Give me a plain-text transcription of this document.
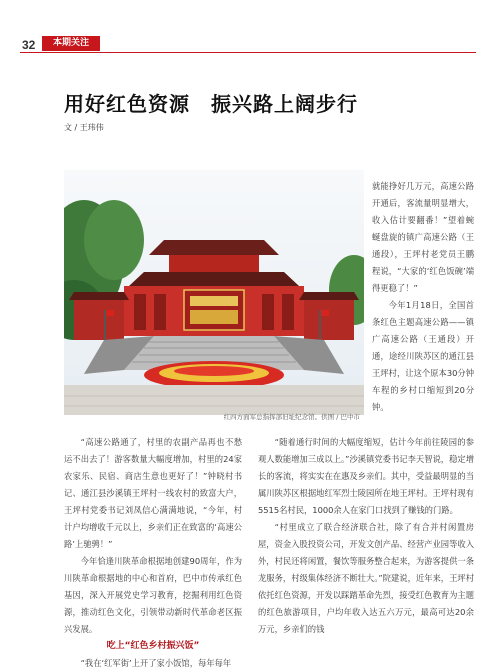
32	本期关注
用好红色资源　振兴路上阔步行
文 / 王玮伟

就能挣好几万元，高速公路开通后，客流量明显增大，收入估计要翻番！”望着蜿蜒盘旋的镇广高速公路（王通段），王坪村老党员王鹏程说，“大家的‘红色饭碗’端得更稳了！”

今年1月18日，全国首条红色主题高速公路——镇广高速公路（王通段）开通，途经川陕苏区的通江县王坪村，让这个原本30分钟车程的乡村口缩短到20分钟。

红四方面军总指挥部旧址纪念馆。供图 / 巴中市

“高速公路通了，村里的农副产品再也不愁运不出去了！游客数量大幅度增加，村里的24家农家乐、民宿、商店生意也更好了！”钟晓村书记、通江县沙溪镇王坪村一线农村的致富大户，王坪村党委书记刘凤信心满满地说，“今年，村计户均增收千元以上，乡亲们正在致富的‘高速公路’上驰骋！”

今年恰逢川陕革命根据地创建90周年，作为川陕革命根据地的中心和首府，巴中市传承红色基因，深入开展党史学习教育，挖掘利用红色资源，推动红色文化，引领带动新时代革命老区振兴发展。

吃上“红色乡村振兴饭”

“我在‘红军街’上开了家小饭馆，每年每年

“随着通行时间的大幅度缩短，估计今年前往陵园的参观人数能增加三成以上。”沙溪镇党委书记李天智说，稳定增长的客流，将实实在在惠及乡亲们。其中，受益最明显的当属川陕苏区根据地红军烈士陵园所在地王坪村。王坪村现有5515名村民，1000余人在家门口找到了赚钱的门路。

“村里成立了联合经济联合社，除了有合并村闲置房屋，资金入股投资公司，开发文创产品、经营产业园等收入外，村民还将闲置，餐饮等服务整合起来，为游客提供一条龙服务，村级集体经济不断壮大。”院建说，近年来，王坪村依托红色资源，开发以踩踏革命先烈，接受红色教育为主题的红色旅游项目，户均年收入达五六万元，最高可达20余万元，乡亲们的钱
